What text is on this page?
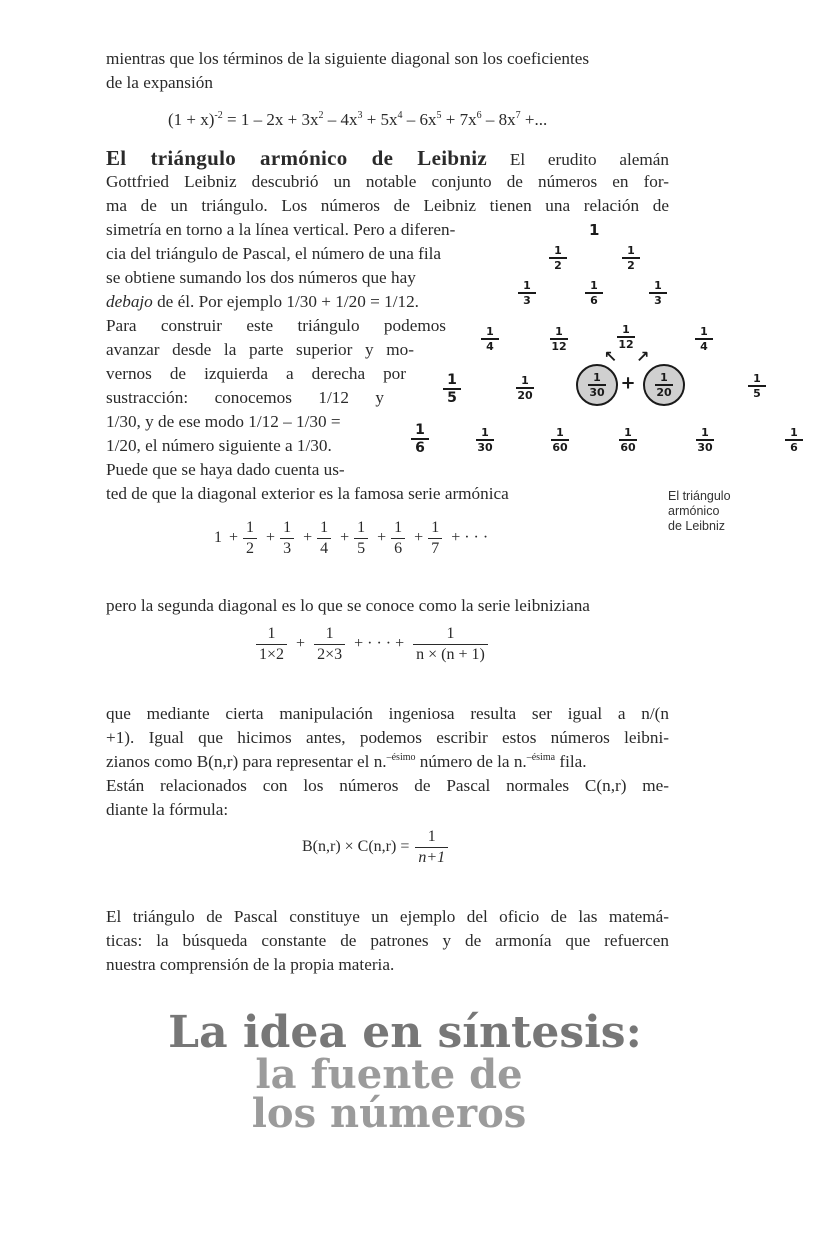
mientras que los términos de la siguiente diagonal son los coeficientes
de la expansión
$(1 + x)^{-2} = 1 - 2x + 3x^2 - 4x^3 + 5x^4 - 6x^5 + 7x^6 - 8x^7$ +...
El triángulo armónico de Leibniz El erudito alemán
Gottfried Leibniz descubrió un notable conjunto de números en for-
ma de un triángulo. Los números de Leibniz tienen una relación de
simetría en torno a la línea vertical. Pero a diferen-
cia del triángulo de Pascal, el número de una fila
se obtiene sumando los dos números que hay
debajo de él. Por ejemplo 1/30 + 1/20 = 1/12.
Para construir este triángulo podemos
avanzar desde la parte superior y mo-
vernos de izquierda a derecha por
sustracción: conocemos 1/12 y
1/30, y de ese modo 1/12 – 1/30 =
1/20, el número siguiente a 1/30.
Puede que se haya dado cuenta us-
ted de que la diagonal exterior es la famosa serie armónica
1
1
2
1
2
1
3
1
6
1
3
1
4
1
12
1
12
1
4
↑ ↑
1
5
1
20
1
30 + 1
20
1
5
1
6
1
30
1
60
1
60
1
30
1
6
El triángulo
armónico
de Leibniz
$1 + \frac{1}{2} + \frac{1}{3} + \frac{1}{4} + \frac{1}{5} + \frac{1}{6} + \frac{1}{7}$ + · · ·
pero la segunda diagonal es lo que se conoce como la serie leibniziana
$\frac{1}{1\times 2} + \frac{1}{2\times 3}$ + · · · + $\frac{1}{n \times (n + 1)}$
que mediante cierta manipulación ingeniosa resulta ser igual a n/(n
+1). Igual que hicimos antes, podemos escribir estos números leibni-
zianos como B(n,r) para representar el n.$^{-ésimo}$ número de la n.$^{-ésima}$ fila.
Están relacionados con los números de Pascal normales C(n,r) me-
diante la fórmula:
$B(n,r) \times C(n,r) = \frac{1}{n+1}$
El triángulo de Pascal constituye un ejemplo del oficio de las matemá-
ticas: la búsqueda constante de patrones y de armonía que refuercen
nuestra comprensión de la propia materia.
La idea en síntesis:
la fuente de
los números
